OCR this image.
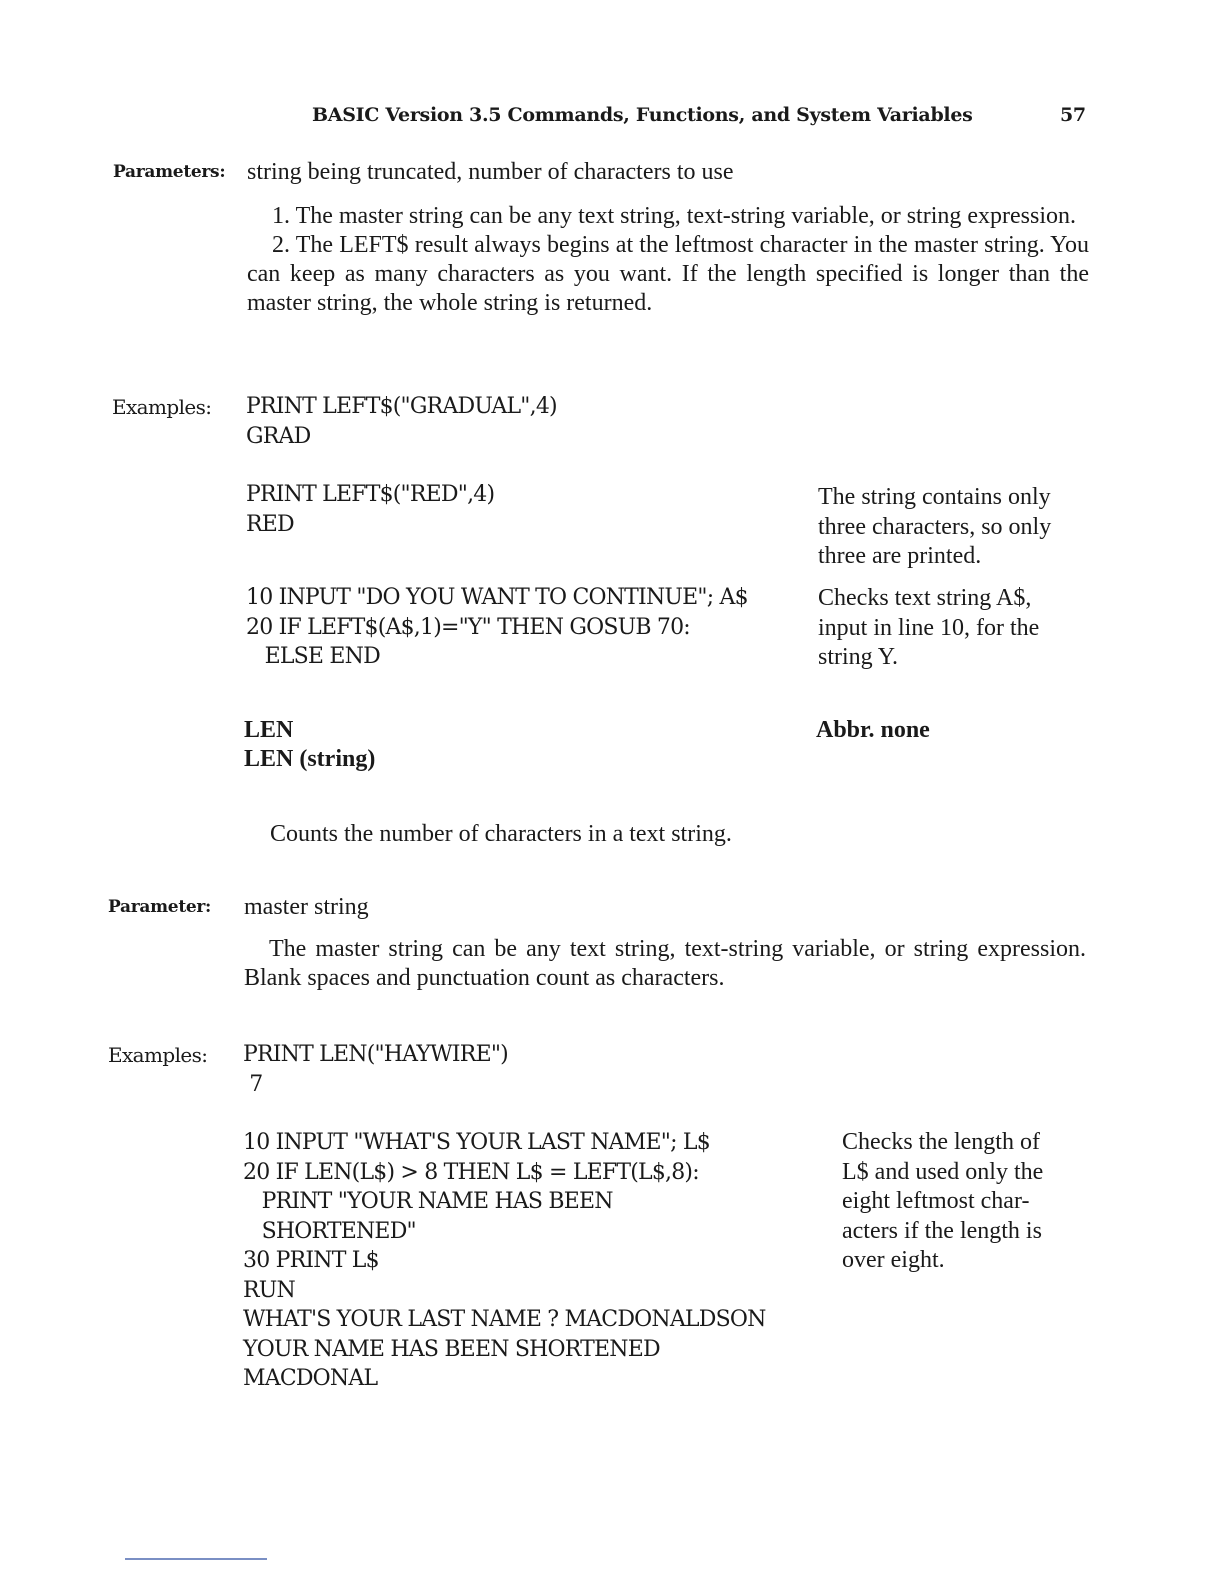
BASIC Version 3.5 Commands, Functions, and System Variables	57
Parameters: string being truncated, number of characters to use

1. The master string can be any text string, text-string variable, or string expression.

2. The LEFT$ result always begins at the leftmost character in the master string. You can keep as many characters as you want. If the length specified is longer than the master string, the whole string is returned.

Examples: PRINT LEFT$("GRADUAL",4)
GRAD
PRINT LEFT$("RED",4)
RED
The string contains only
three characters, so only
three are printed.
10 INPUT "DO YOU WANT TO CONTINUE"; A$
20 IF LEFT$(A$,1)="Y" THEN GOSUB 70:
ELSE END
Checks text string A$,
input in line 10, for the
string Y.
LEN
LEN (string)
Abbr. none
Counts the number of characters in a text string.
Parameter: master string

The master string can be any text string, text-string variable, or string expression. Blank spaces and punctuation count as characters.

Examples: PRINT LEN("HAYWIRE")
7
10 INPUT "WHAT'S YOUR LAST NAME"; L$
20 IF LEN(L$) > 8 THEN L$ = LEFT(L$,8):
PRINT "YOUR NAME HAS BEEN
SHORTENED"
30 PRINT L$
RUN
WHAT'S YOUR LAST NAME ? MACDONALDSON
YOUR NAME HAS BEEN SHORTENED
MACDONAL
Checks the length of
L$ and used only the
eight leftmost char-
acters if the length is
over eight.
